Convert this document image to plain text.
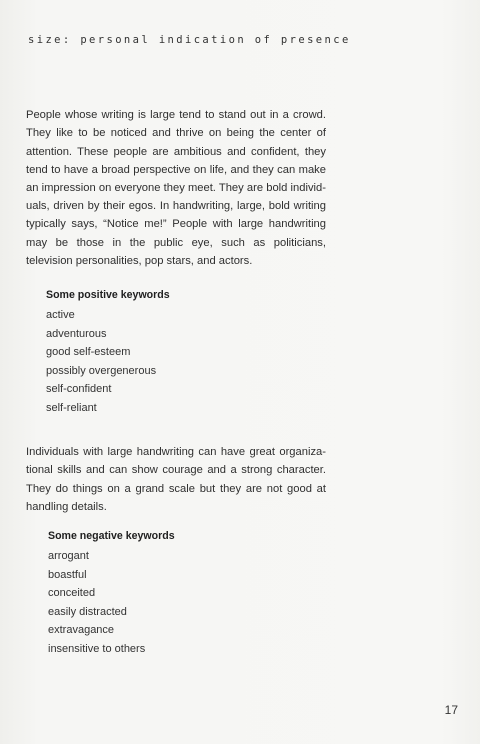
size: personal indication of presence

People whose writing is large tend to stand out in a crowd. They like to be noticed and thrive on being the center of attention. These people are ambitious and confident, they tend to have a broad perspective on life, and they can make an impression on everyone they meet. They are bold individ-uals, driven by their egos. In handwriting, large, bold writing typically says, “Notice me!” People with large handwriting may be those in the public eye, such as politicians, television personalities, pop stars, and actors.

Some positive keywords
active
adventurous
good self-esteem
possibly overgenerous
self-confident
self-reliant

Individuals with large handwriting can have great organiza-tional skills and can show courage and a strong character. They do things on a grand scale but they are not good at handling details.

Some negative keywords
arrogant
boastful
conceited
easily distracted
extravagance
insensitive to others
17
